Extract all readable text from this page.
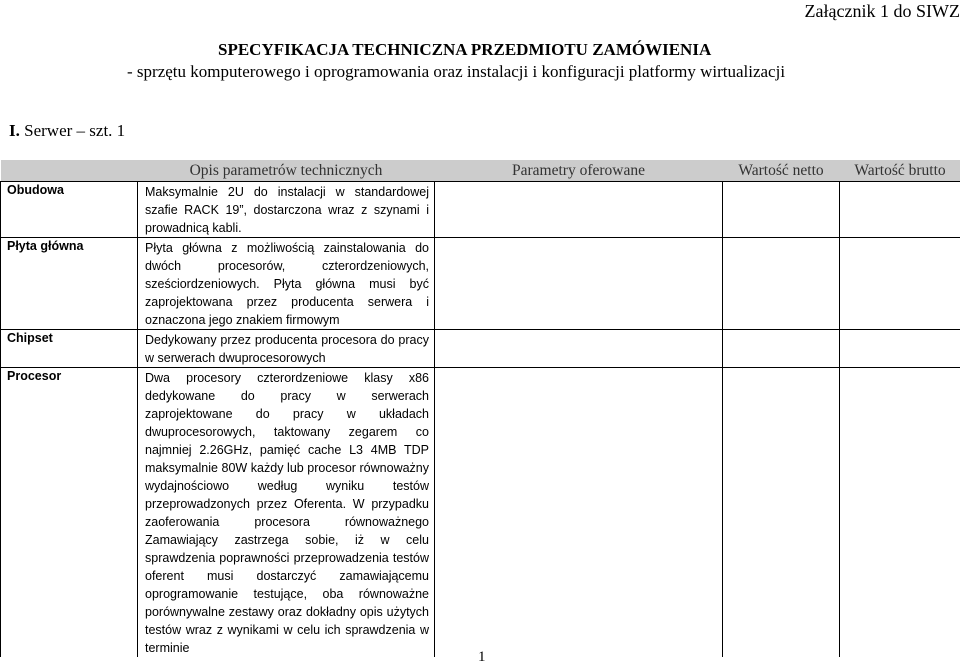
Załącznik 1 do SIWZ
SPECYFIKACJA TECHNICZNA PRZEDMIOTU ZAMÓWIENIA
- sprzętu komputerowego i oprogramowania oraz instalacji i konfiguracji platformy wirtualizacji
I. Serwer – szt. 1
	Opis parametrów technicznych	Parametry oferowane	Wartość netto	Wartość brutto
Obudowa	Maksymalnie 2U do instalacji w standardowej szafie RACK 19”, dostarczona wraz z szynami i prowadnicą kabli.			
Płyta główna	Płyta główna z możliwością zainstalowania do dwóch procesorów, czterordzeniowych, sześciordzeniowych. Płyta główna musi być zaprojektowana przez producenta serwera i oznaczona jego znakiem firmowym			
Chipset	Dedykowany przez producenta procesora do pracy w serwerach dwuprocesorowych			
Procesor	Dwa procesory czterordzeniowe klasy x86 dedykowane do pracy w serwerach zaprojektowane do pracy w układach dwuprocesorowych, taktowany zegarem co najmniej 2.26GHz, pamięć cache L3 4MB TDP maksymalnie 80W każdy lub procesor równoważny wydajnościowo według wyniku testów przeprowadzonych przez Oferenta. W przypadku zaoferowania procesora równoważnego Zamawiający zastrzega sobie, iż w celu sprawdzenia poprawności przeprowadzenia testów oferent musi dostarczyć zamawiającemu oprogramowanie testujące, oba równoważne porównywalne zestawy oraz dokładny opis użytych testów wraz z wynikami w celu ich sprawdzenia w terminie			
1
